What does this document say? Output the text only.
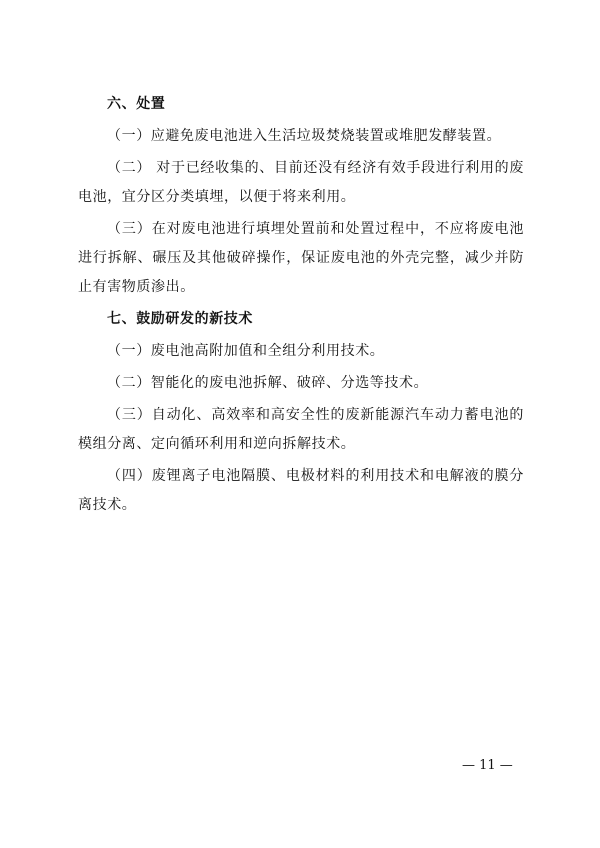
六、处置

（一）应避免废电池进入生活垃圾焚烧装置或堆肥发酵装置。

（二） 对于已经收集的、目前还没有经济有效手段进行利用的废电池，宜分区分类填埋，以便于将来利用。

（三）在对废电池进行填埋处置前和处置过程中，不应将废电池进行拆解、碾压及其他破碎操作，保证废电池的外壳完整，减少并防止有害物质渗出。

七、鼓励研发的新技术

（一）废电池高附加值和全组分利用技术。

（二）智能化的废电池拆解、破碎、分选等技术。

（三）自动化、高效率和高安全性的废新能源汽车动力蓄电池的模组分离、定向循环利用和逆向拆解技术。

（四）废锂离子电池隔膜、电极材料的利用技术和电解液的膜分离技术。

— 11 —
